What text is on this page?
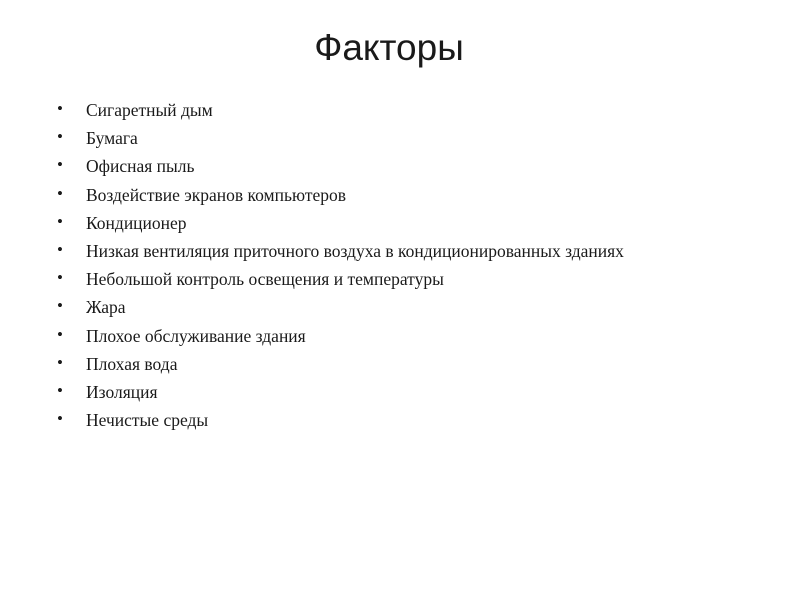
Факторы
•	Сигаретный дым
•	Бумага
•	Офисная пыль
•	Воздействие экранов компьютеров
•	Кондиционер
•	Низкая вентиляция приточного воздуха в кондиционированных зданиях
•	Небольшой контроль освещения и температуры
•	Жара
•	Плохое обслуживание здания
•	Плохая вода
•	Изоляция
•	Нечистые среды
